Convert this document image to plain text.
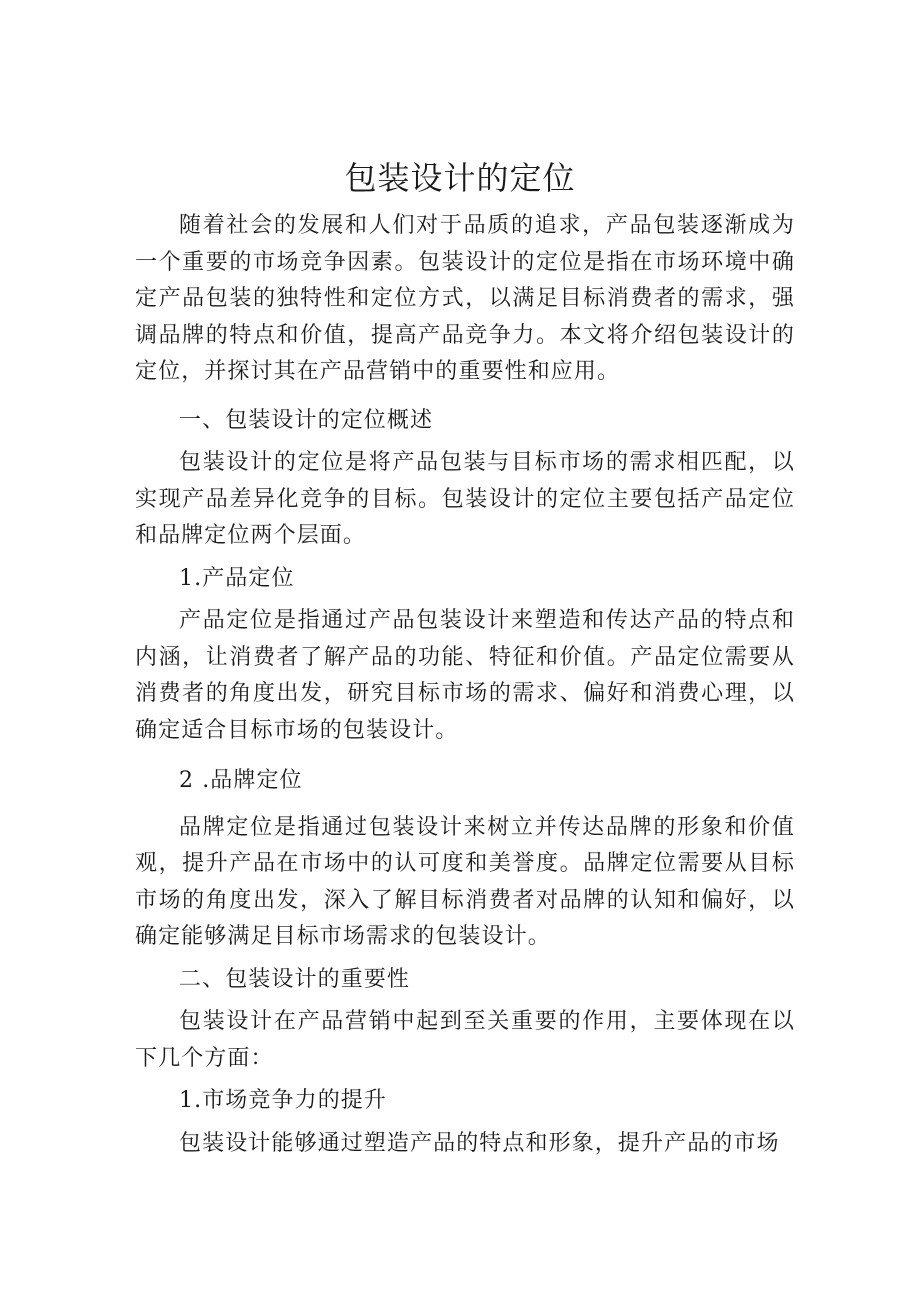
包装设计的定位

随着社会的发展和人们对于品质的追求，产品包装逐渐成为一个重要的市场竞争因素。包装设计的定位是指在市场环境中确定产品包装的独特性和定位方式，以满足目标消费者的需求，强调品牌的特点和价值，提高产品竞争力。本文将介绍包装设计的定位，并探讨其在产品营销中的重要性和应用。

一、包装设计的定位概述

包装设计的定位是将产品包装与目标市场的需求相匹配，以实现产品差异化竞争的目标。包装设计的定位主要包括产品定位和品牌定位两个层面。

1.产品定位

产品定位是指通过产品包装设计来塑造和传达产品的特点和内涵，让消费者了解产品的功能、特征和价值。产品定位需要从消费者的角度出发，研究目标市场的需求、偏好和消费心理，以确定适合目标市场的包装设计。

2 .品牌定位

品牌定位是指通过包装设计来树立并传达品牌的形象和价值观，提升产品在市场中的认可度和美誉度。品牌定位需要从目标市场的角度出发，深入了解目标消费者对品牌的认知和偏好，以确定能够满足目标市场需求的包装设计。

二、包装设计的重要性

包装设计在产品营销中起到至关重要的作用，主要体现在以下几个方面：

1.市场竞争力的提升

包装设计能够通过塑造产品的特点和形象，提升产品的市场
